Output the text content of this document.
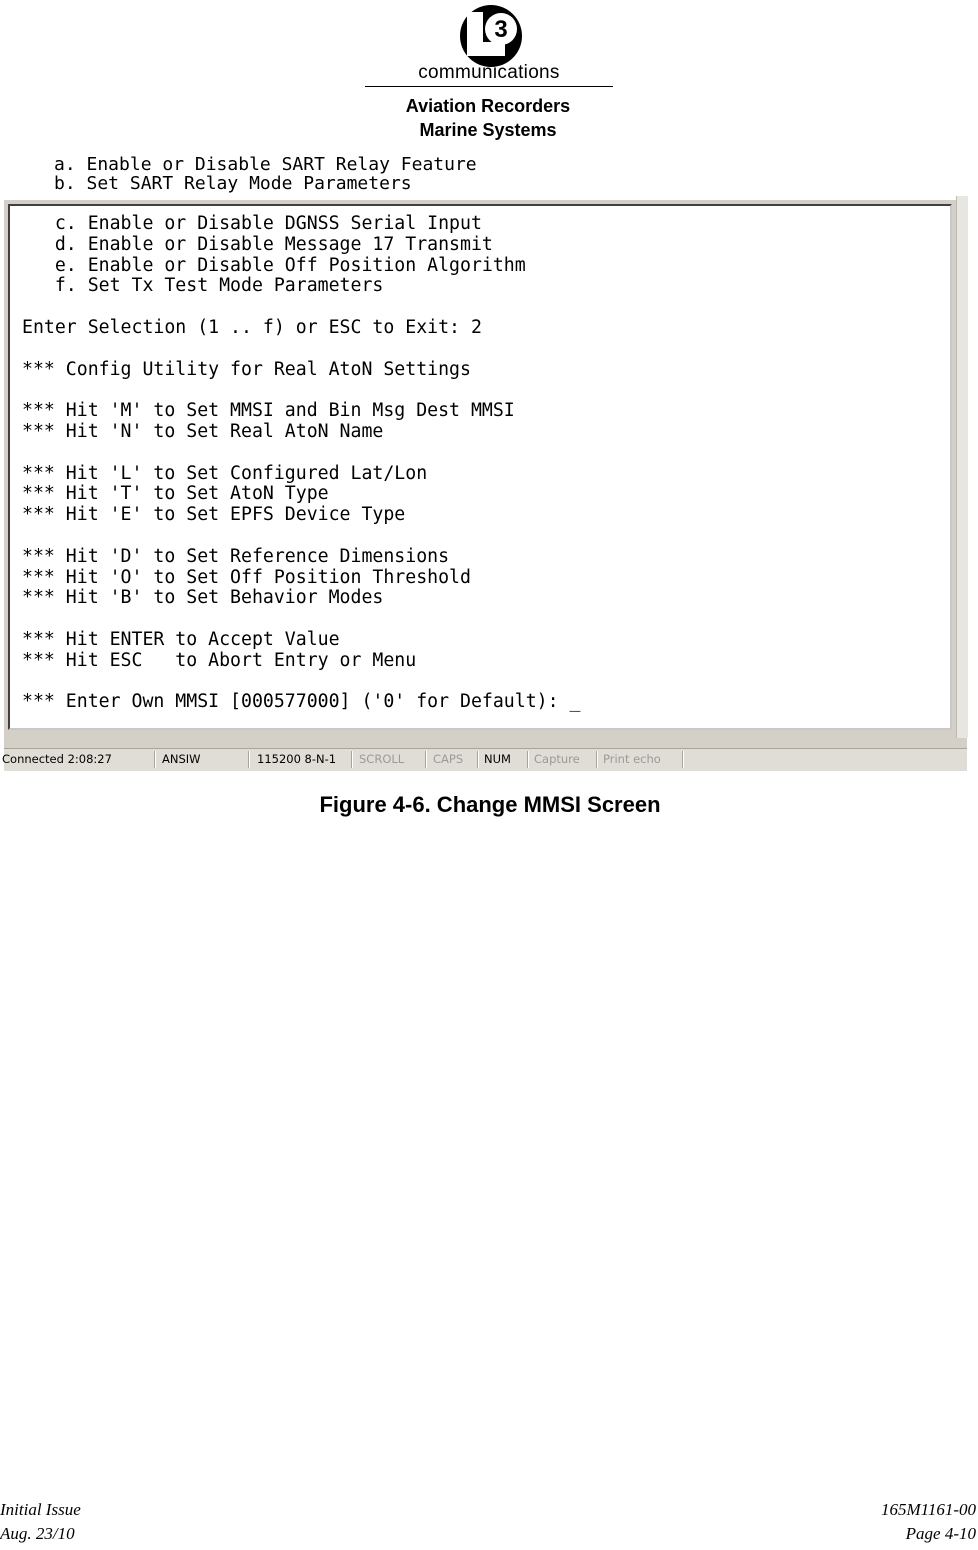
3
communications
Aviation Recorders
Marine Systems
a. Enable or Disable SART Relay Feature
b. Set SART Relay Mode Parameters
c. Enable or Disable DGNSS Serial Input
d. Enable or Disable Message 17 Transmit
e. Enable or Disable Off Position Algorithm
f. Set Tx Test Mode Parameters

Enter Selection (1 .. f) or ESC to Exit: 2

*** Config Utility for Real AtoN Settings

*** Hit 'M' to Set MMSI and Bin Msg Dest MMSI
*** Hit 'N' to Set Real AtoN Name

*** Hit 'L' to Set Configured Lat/Lon
*** Hit 'T' to Set AtoN Type
*** Hit 'E' to Set EPFS Device Type

*** Hit 'D' to Set Reference Dimensions
*** Hit 'O' to Set Off Position Threshold
*** Hit 'B' to Set Behavior Modes

*** Hit ENTER to Accept Value
*** Hit ESC   to Abort Entry or Menu

*** Enter Own MMSI [000577000] ('0' for Default): _
Connected 2:08:27	ANSIW	115200 8-N-1 SCROLL	CAPS NUM Capture Print echo
Figure 4-6. Change MMSI Screen
Initial Issue
Aug. 23/10
165M1161-00
Page 4-10
